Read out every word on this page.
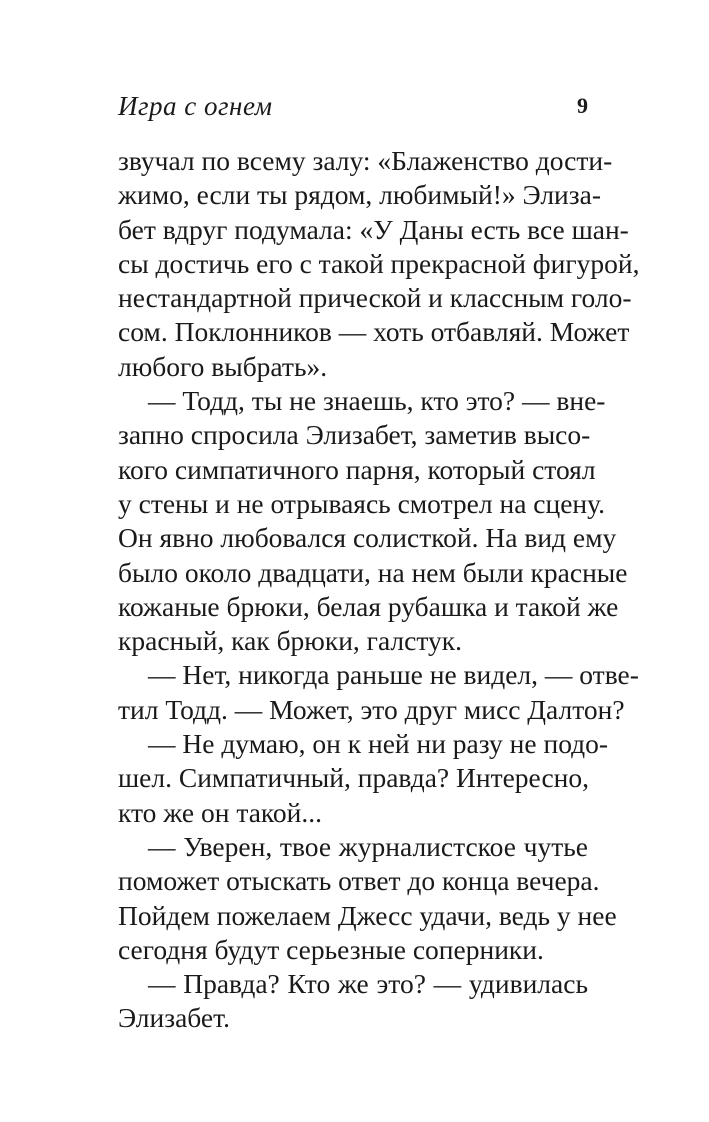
Игра с огнем	9
звучал по всему залу: «Блаженство дости-
жимо, если ты рядом, любимый!» Элиза-
бет вдруг подумала: «У Даны есть все шан-
сы достичь его с такой прекрасной фигурой,
нестандартной прической и классным голо-
сом. Поклонников — хоть отбавляй. Может
любого выбрать».
— Тодд, ты не знаешь, кто это? — вне-
запно спросила Элизабет, заметив высо-
кого симпатичного парня, который стоял
у стены и не отрываясь смотрел на сцену.
Он явно любовался солисткой. На вид ему
было около двадцати, на нем были красные
кожаные брюки, белая рубашка и такой же
красный, как брюки, галстук.
— Нет, никогда раньше не видел, — отве-
тил Тодд. — Может, это друг мисс Далтон?
— Не думаю, он к ней ни разу не подо-
шел. Симпатичный, правда? Интересно,
кто же он такой...
— Уверен, твое журналистское чутье
поможет отыскать ответ до конца вечера.
Пойдем пожелаем Джесс удачи, ведь у нее
сегодня будут серьезные соперники.
— Правда? Кто же это? — удивилась
Элизабет.
